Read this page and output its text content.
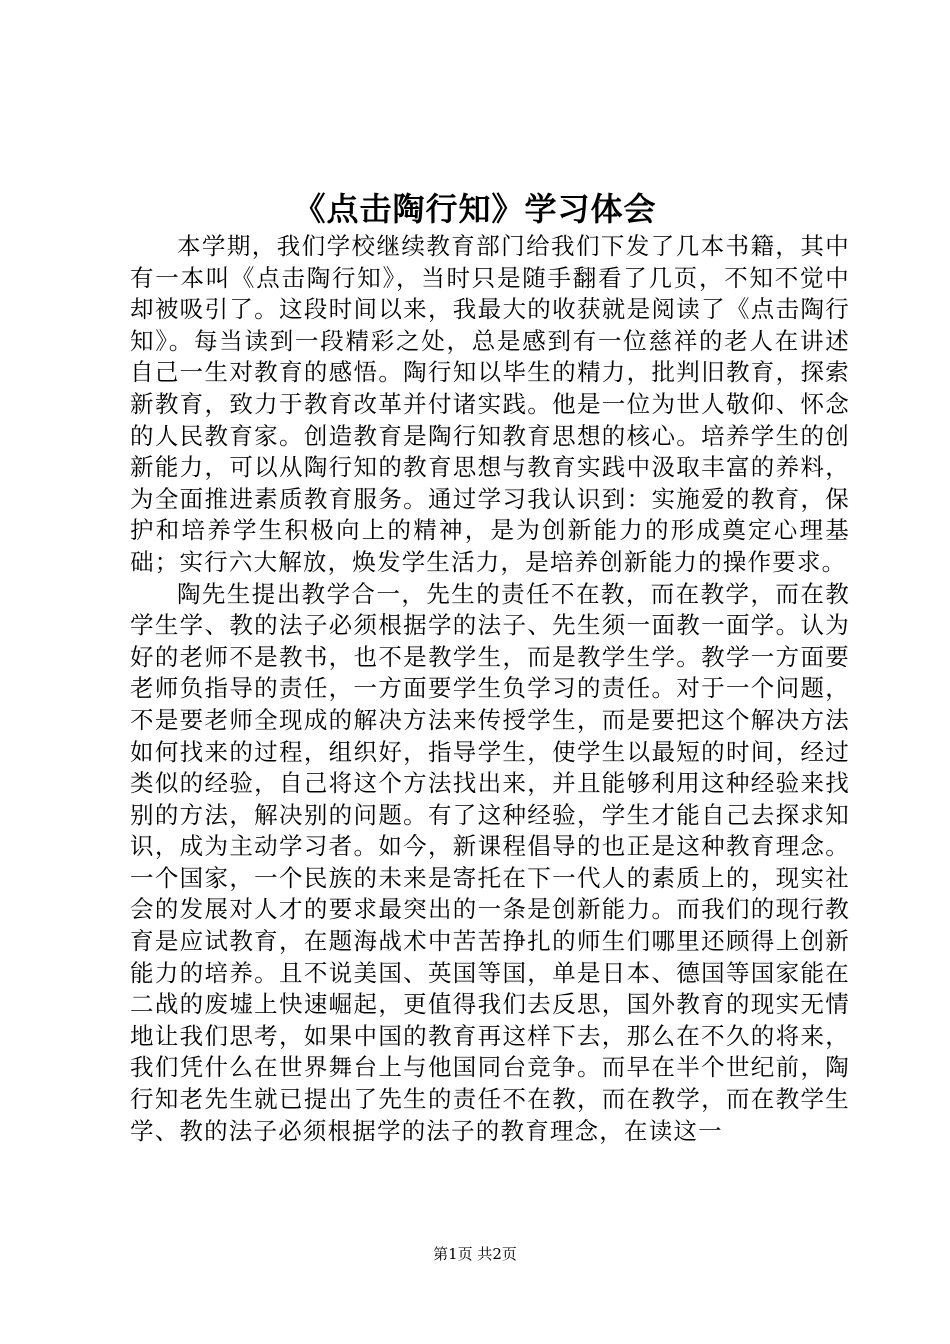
《点击陶行知》学习体会

本学期，我们学校继续教育部门给我们下发了几本书籍，其中有一本叫《点击陶行知》，当时只是随手翻看了几页，不知不觉中却被吸引了。这段时间以来，我最大的收获就是阅读了《点击陶行知》。每当读到一段精彩之处，总是感到有一位慈祥的老人在讲述自己一生对教育的感悟。陶行知以毕生的精力，批判旧教育，探索新教育，致力于教育改革并付诸实践。他是一位为世人敬仰、怀念的人民教育家。创造教育是陶行知教育思想的核心。培养学生的创新能力，可以从陶行知的教育思想与教育实践中汲取丰富的养料，为全面推进素质教育服务。通过学习我认识到：实施爱的教育，保护和培养学生积极向上的精神，是为创新能力的形成奠定心理基础；实行六大解放，焕发学生活力，是培养创新能力的操作要求。

陶先生提出教学合一，先生的责任不在教，而在教学，而在教学生学、教的法子必须根据学的法子、先生须一面教一面学。认为好的老师不是教书，也不是教学生，而是教学生学。教学一方面要老师负指导的责任，一方面要学生负学习的责任。对于一个问题，不是要老师全现成的解决方法来传授学生，而是要把这个解决方法如何找来的过程，组织好，指导学生，使学生以最短的时间，经过类似的经验，自己将这个方法找出来，并且能够利用这种经验来找别的方法，解决别的问题。有了这种经验，学生才能自己去探求知识，成为主动学习者。如今，新课程倡导的也正是这种教育理念。一个国家，一个民族的未来是寄托在下一代人的素质上的，现实社会的发展对人才的要求最突出的一条是创新能力。而我们的现行教育是应试教育，在题海战术中苦苦挣扎的师生们哪里还顾得上创新能力的培养。且不说美国、英国等国，单是日本、德国等国家能在二战的废墟上快速崛起，更值得我们去反思，国外教育的现实无情地让我们思考，如果中国的教育再这样下去，那么在不久的将来，我们凭什么在世界舞台上与他国同台竞争。而早在半个世纪前，陶行知老先生就已提出了先生的责任不在教，而在教学，而在教学生学、教的法子必须根据学的法子的教育理念，在读这一

第1页 共2页
